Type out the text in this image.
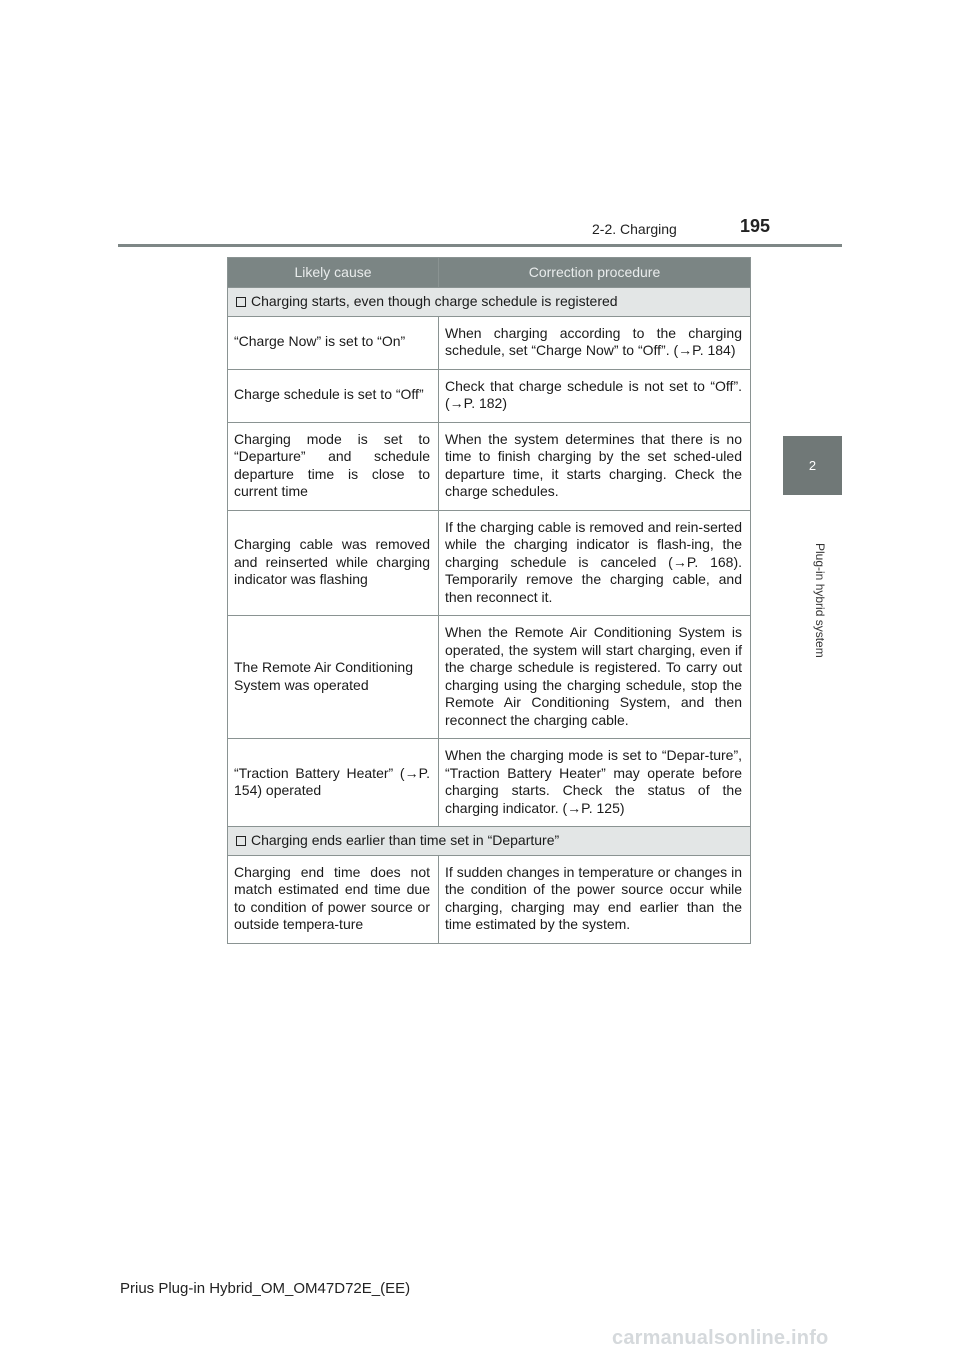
2-2. Charging	195
2
Plug-in hybrid system
Likely cause	Correction procedure
Charging starts, even though charge schedule is registered	
“Charge Now” is set to “On”	When charging according to the charging schedule, set “Charge Now” to “Off”. (→P. 184)
Charge schedule is set to “Off”	Check that charge schedule is not set to “Off”. (→P. 182)
Charging mode is set to “Departure” and schedule departure time is close to current time	When the system determines that there is no time to finish charging by the set sched-uled departure time, it starts charging. Check the charge schedules.
Charging cable was removed and reinserted while charging indicator was flashing	If the charging cable is removed and rein-serted while the charging indicator is flash-ing, the charging schedule is canceled (→P. 168). Temporarily remove the charging cable, and then reconnect it.
The Remote Air Conditioning System was operated	When the Remote Air Conditioning System is operated, the system will start charging, even if the charge schedule is registered. To carry out charging using the charging schedule, stop the Remote Air Conditioning System, and then reconnect the charging cable.
“Traction Battery Heater” (→P. 154) operated	When the charging mode is set to “Depar-ture”, “Traction Battery Heater” may operate before charging starts. Check the status of the charging indicator. (→P. 125)
Charging ends earlier than time set in “Departure”	
Charging end time does not match estimated end time due to condition of power source or outside tempera-ture	If sudden changes in temperature or changes in the condition of the power source occur while charging, charging may end earlier than the time estimated by the system.
Prius Plug-in Hybrid_OM_OM47D72E_(EE)
carmanualsonline.info
